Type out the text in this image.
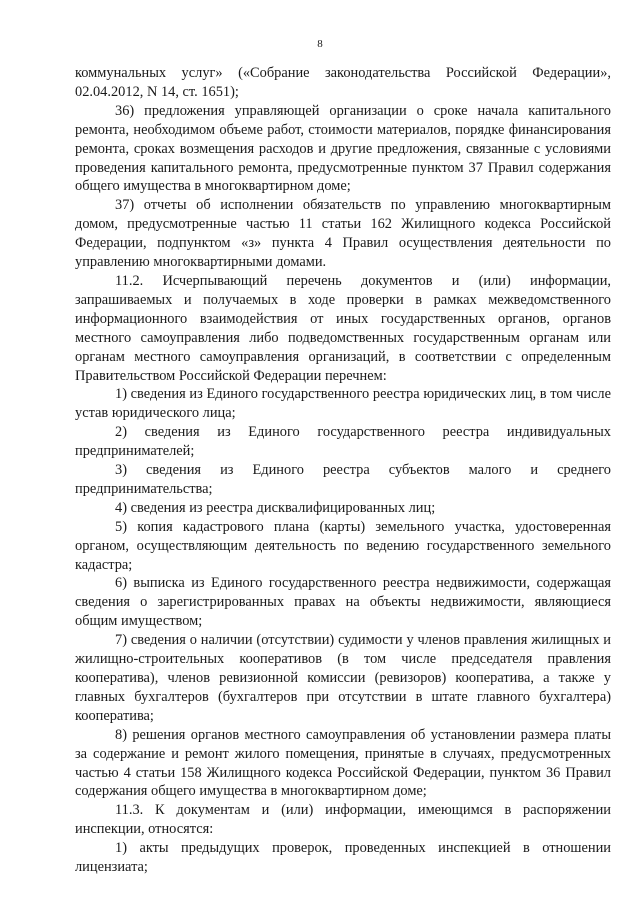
8

коммунальных услуг» («Собрание законодательства Российской Федерации», 02.04.2012, N 14, ст. 1651);

36) предложения управляющей организации о сроке начала капитального ремонта, необходимом объеме работ, стоимости материалов, порядке финансирования ремонта, сроках возмещения расходов и другие предложения, связанные с условиями проведения капитального ремонта, предусмотренные пунктом 37 Правил содержания общего имущества в многоквартирном доме;

37) отчеты об исполнении обязательств по управлению многоквартирным домом, предусмотренные частью 11 статьи 162 Жилищного кодекса Российской Федерации, подпунктом «з» пункта 4 Правил осуществления деятельности по управлению многоквартирными домами.

11.2. Исчерпывающий перечень документов и (или) информации, запрашиваемых и получаемых в ходе проверки в рамках межведомственного информационного взаимодействия от иных государственных органов, органов местного самоуправления либо подведомственных государственным органам или органам местного самоуправления организаций, в соответствии с определенным Правительством Российской Федерации перечнем:

1) сведения из Единого государственного реестра юридических лиц, в том числе устав юридического лица;

2) сведения из Единого государственного реестра индивидуальных предпринимателей;

3) сведения из Единого реестра субъектов малого и среднего предпринимательства;

4) сведения из реестра дисквалифицированных лиц;

5) копия кадастрового плана (карты) земельного участка, удостоверенная органом, осуществляющим деятельность по ведению государственного земельного кадастра;

6) выписка из Единого государственного реестра недвижимости, содержащая сведения о зарегистрированных правах на объекты недвижимости, являющиеся общим имуществом;

7) сведения о наличии (отсутствии) судимости у членов правления жилищных и жилищно-строительных кооперативов (в том числе председателя правления кооператива), членов ревизионной комиссии (ревизоров) кооператива, а также у главных бухгалтеров (бухгалтеров при отсутствии в штате главного бухгалтера) кооператива;

8) решения органов местного самоуправления об установлении размера платы за содержание и ремонт жилого помещения, принятые в случаях, предусмотренных частью 4 статьи 158 Жилищного кодекса Российской Федерации, пунктом 36 Правил содержания общего имущества в многоквартирном доме;

11.3. К документам и (или) информации, имеющимся в распоряжении инспекции, относятся:

1) акты предыдущих проверок, проведенных инспекцией в отношении лицензиата;
